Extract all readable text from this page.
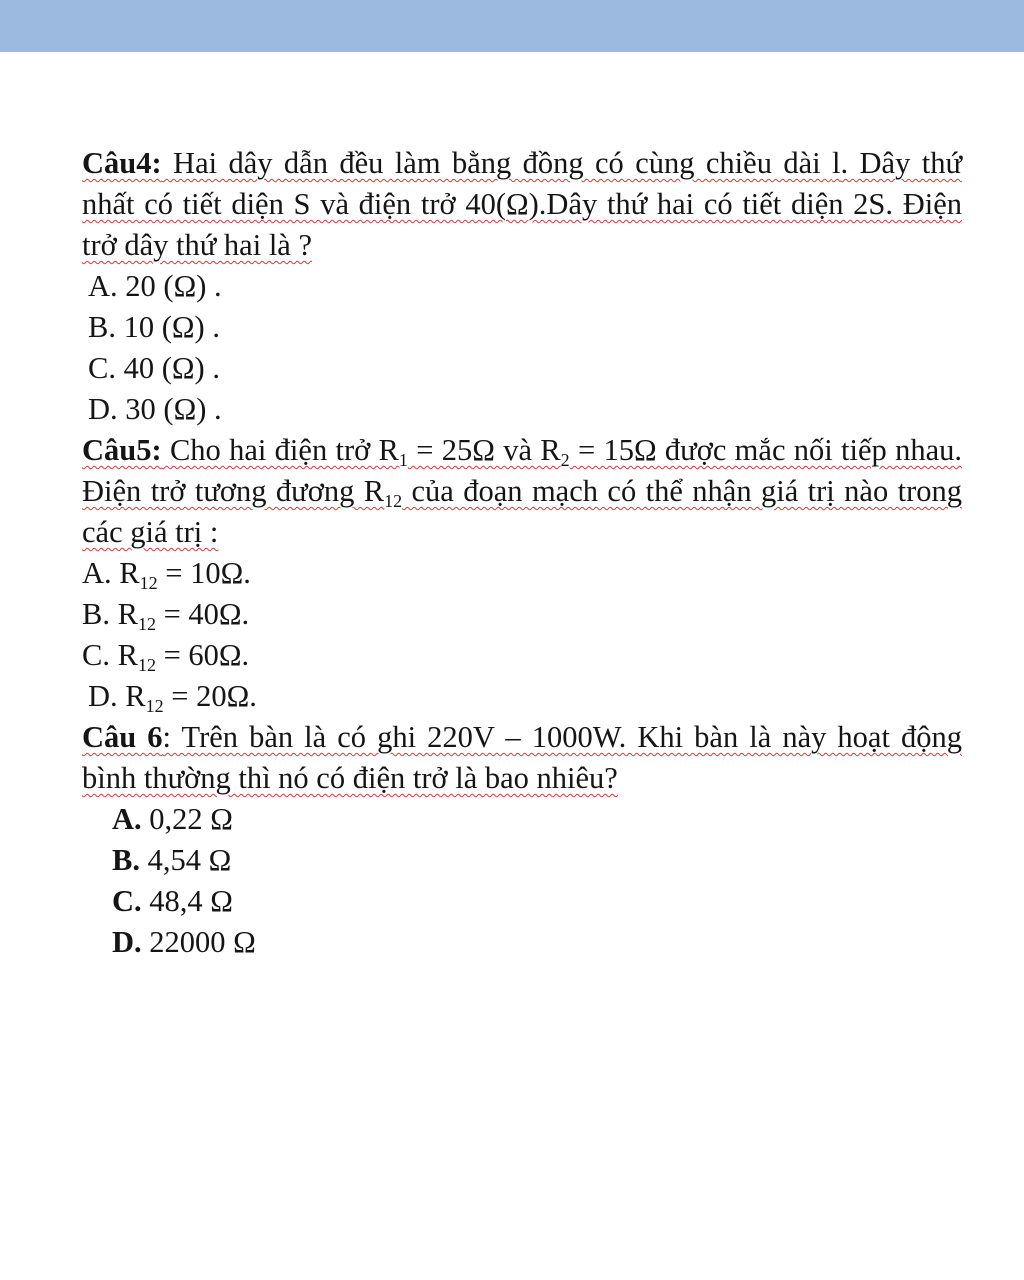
Câu4: Hai dây dẫn đều làm bằng đồng có cùng chiều dài l. Dây thứ nhất có tiết diện S và điện trở 40(Ω).Dây thứ hai có tiết diện 2S. Điện trở dây thứ hai là ?

A. 20 (Ω) .
B. 10 (Ω) .
C. 40 (Ω) .
D. 30 (Ω) .

Câu5: Cho hai điện trở $R_1 = 25\Omega$ và $R_2 = 15\Omega$ được mắc nối tiếp nhau. Điện trở tương đương $R_{12}$ của đoạn mạch có thể nhận giá trị nào trong các giá trị :

A. $R_{12} = 10\Omega$.
B. $R_{12} = 40\Omega$.
C. $R_{12} = 60\Omega$.
D. $R_{12} = 20\Omega$.

Câu 6: Trên bàn là có ghi 220V – 1000W. Khi bàn là này hoạt động bình thường thì nó có điện trở là bao nhiêu?

A. 0,22 Ω
B. 4,54 Ω
C. 48,4 Ω
D. 22000 Ω
